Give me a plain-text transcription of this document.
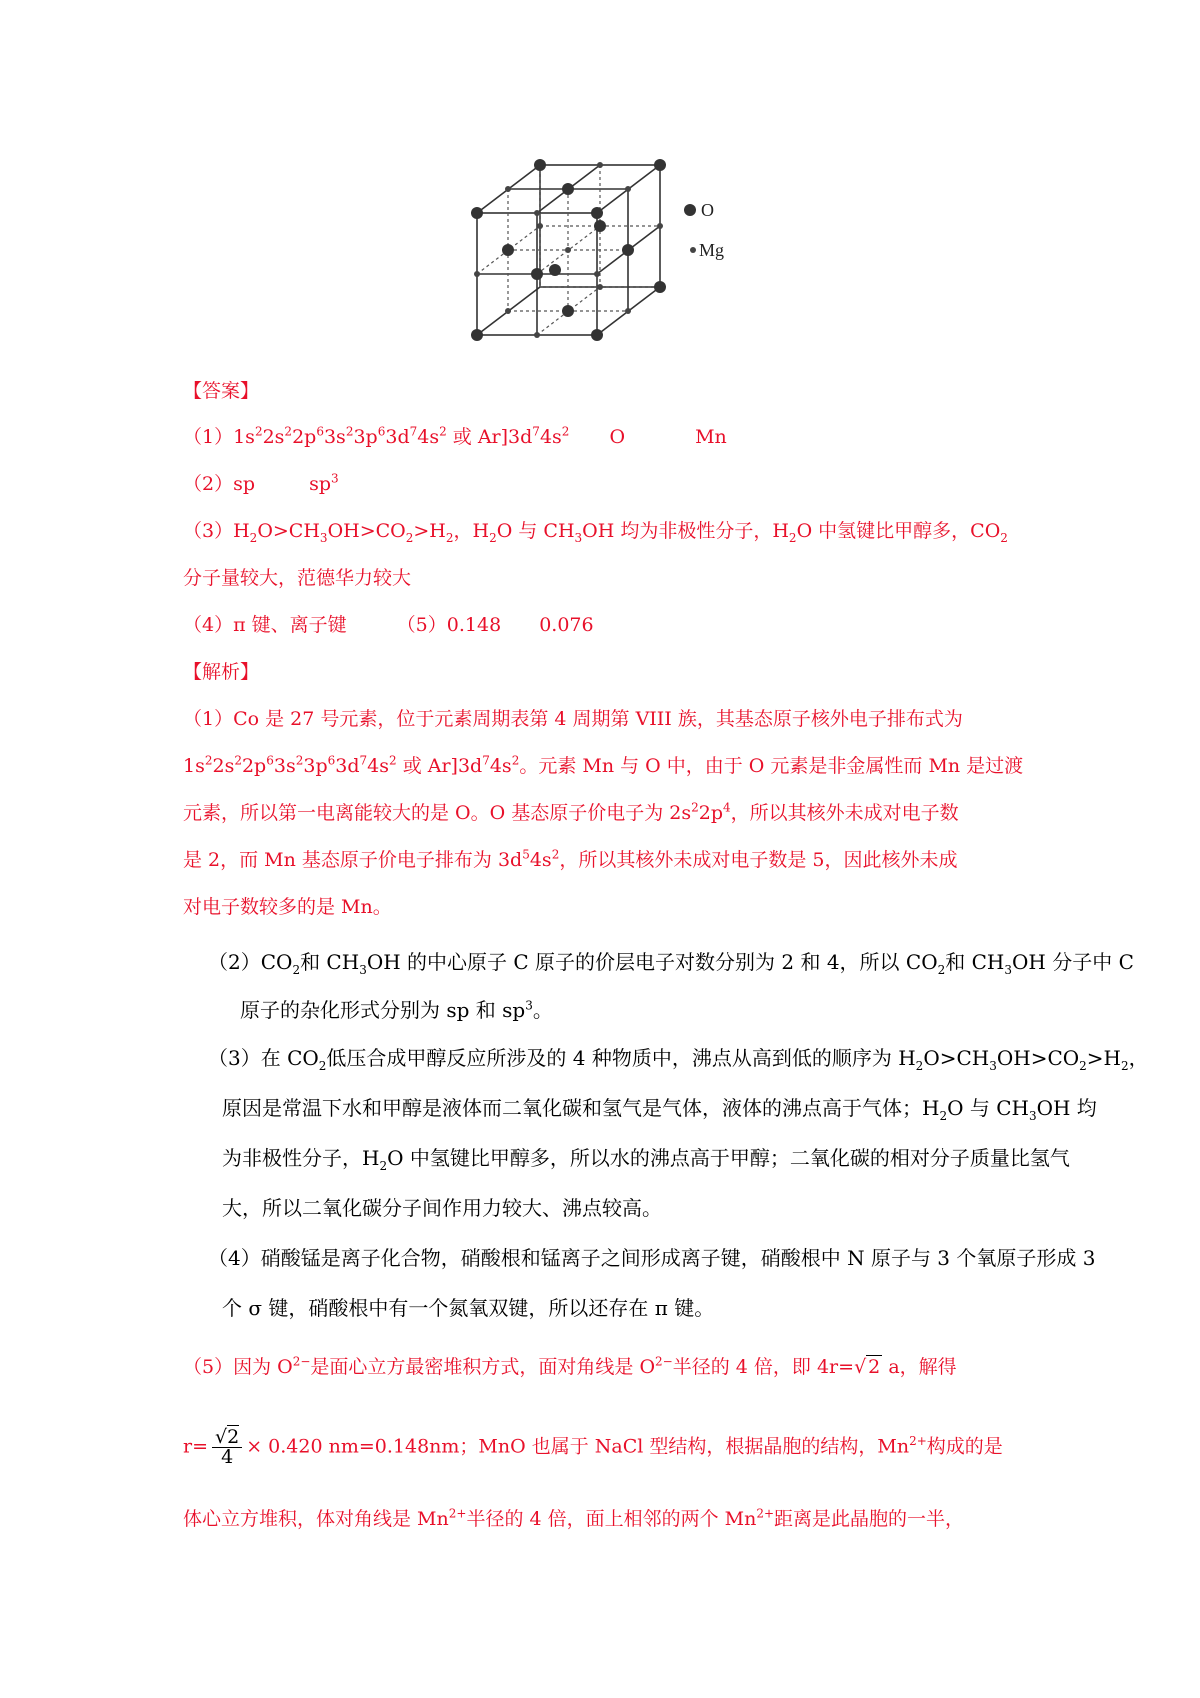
O
Mg
【答案】
$(1)1s^22s^22p^63s^23p^63d^74s^2$ 或 $Ar]3d^74s^2$ O	Mn
（2）sp	$sp^3$
$(3)H_2O>CH_3OH>CO_2>H_2$，$H_2O$ 与 $CH_3OH$ 均为非极性分子，$H_2O$ 中氢键比甲醇多，$CO_2$
分子量较大，范德华力较大
（4）π 键、离子键	（5）0.148 0.076
【解析】
（1）Co 是 27 号元素，位于元素周期表第 4 周期第 VIII 族，其基态原子核外电子排布式为
$1s^22s^22p^63s^23p^63d^74s^2$ 或 $Ar]3d^74s^2$。元素 Mn 与 O 中，由于 O 元素是非金属性而 Mn 是过渡
元素，所以第一电离能较大的是 O。O 基态原子价电子为 $2s^22p^4$，所以其核外未成对电子数
是 2，而 Mn 基态原子价电子排布为 $3d^54s^2$，所以其核外未成对电子数是 5，因此核外未成
对电子数较多的是 Mn。
$(2)CO_2$和 $CH_3OH$ 的中心原子 C 原子的价层电子对数分别为 2 和 4，所以 $CO_2$和 $CH_3OH$ 分子中 C
原子的杂化形式分别为 sp 和 $sp^3$。
（3）在 $CO_2$低压合成甲醇反应所涉及的 4 种物质中，沸点从高到低的顺序为 $H_2O>CH_3OH>CO_2>H_2$，
原因是常温下水和甲醇是液体而二氧化碳和氢气是气体，液体的沸点高于气体；$H_2O$ 与 $CH_3OH$ 均
为非极性分子，$H_2O$ 中氢键比甲醇多，所以水的沸点高于甲醇；二氧化碳的相对分子质量比氢气
大，所以二氧化碳分子间作用力较大、沸点较高。
（4）硝酸锰是离子化合物，硝酸根和锰离子之间形成离子键，硝酸根中 N 原子与 3 个氧原子形成 3
个 σ 键，硝酸根中有一个氮氧双键，所以还存在 π 键。
（5）因为 $O^{2-}$是面心立方最密堆积方式，面对角线是 $O^{2-}$半径的 4 倍，即 4r=√ 2 a，解得
$r= \frac{√2}{4} \times 0.420$ nm=0.148nm；MnO 也属于 NaCl 型结构，根据晶胞的结构，$Mn^{2+}$构成的是
体心立方堆积，体对角线是 $Mn^{2+}$半径的 4 倍，面上相邻的两个 $Mn^{2+}$距离是此晶胞的一半，
